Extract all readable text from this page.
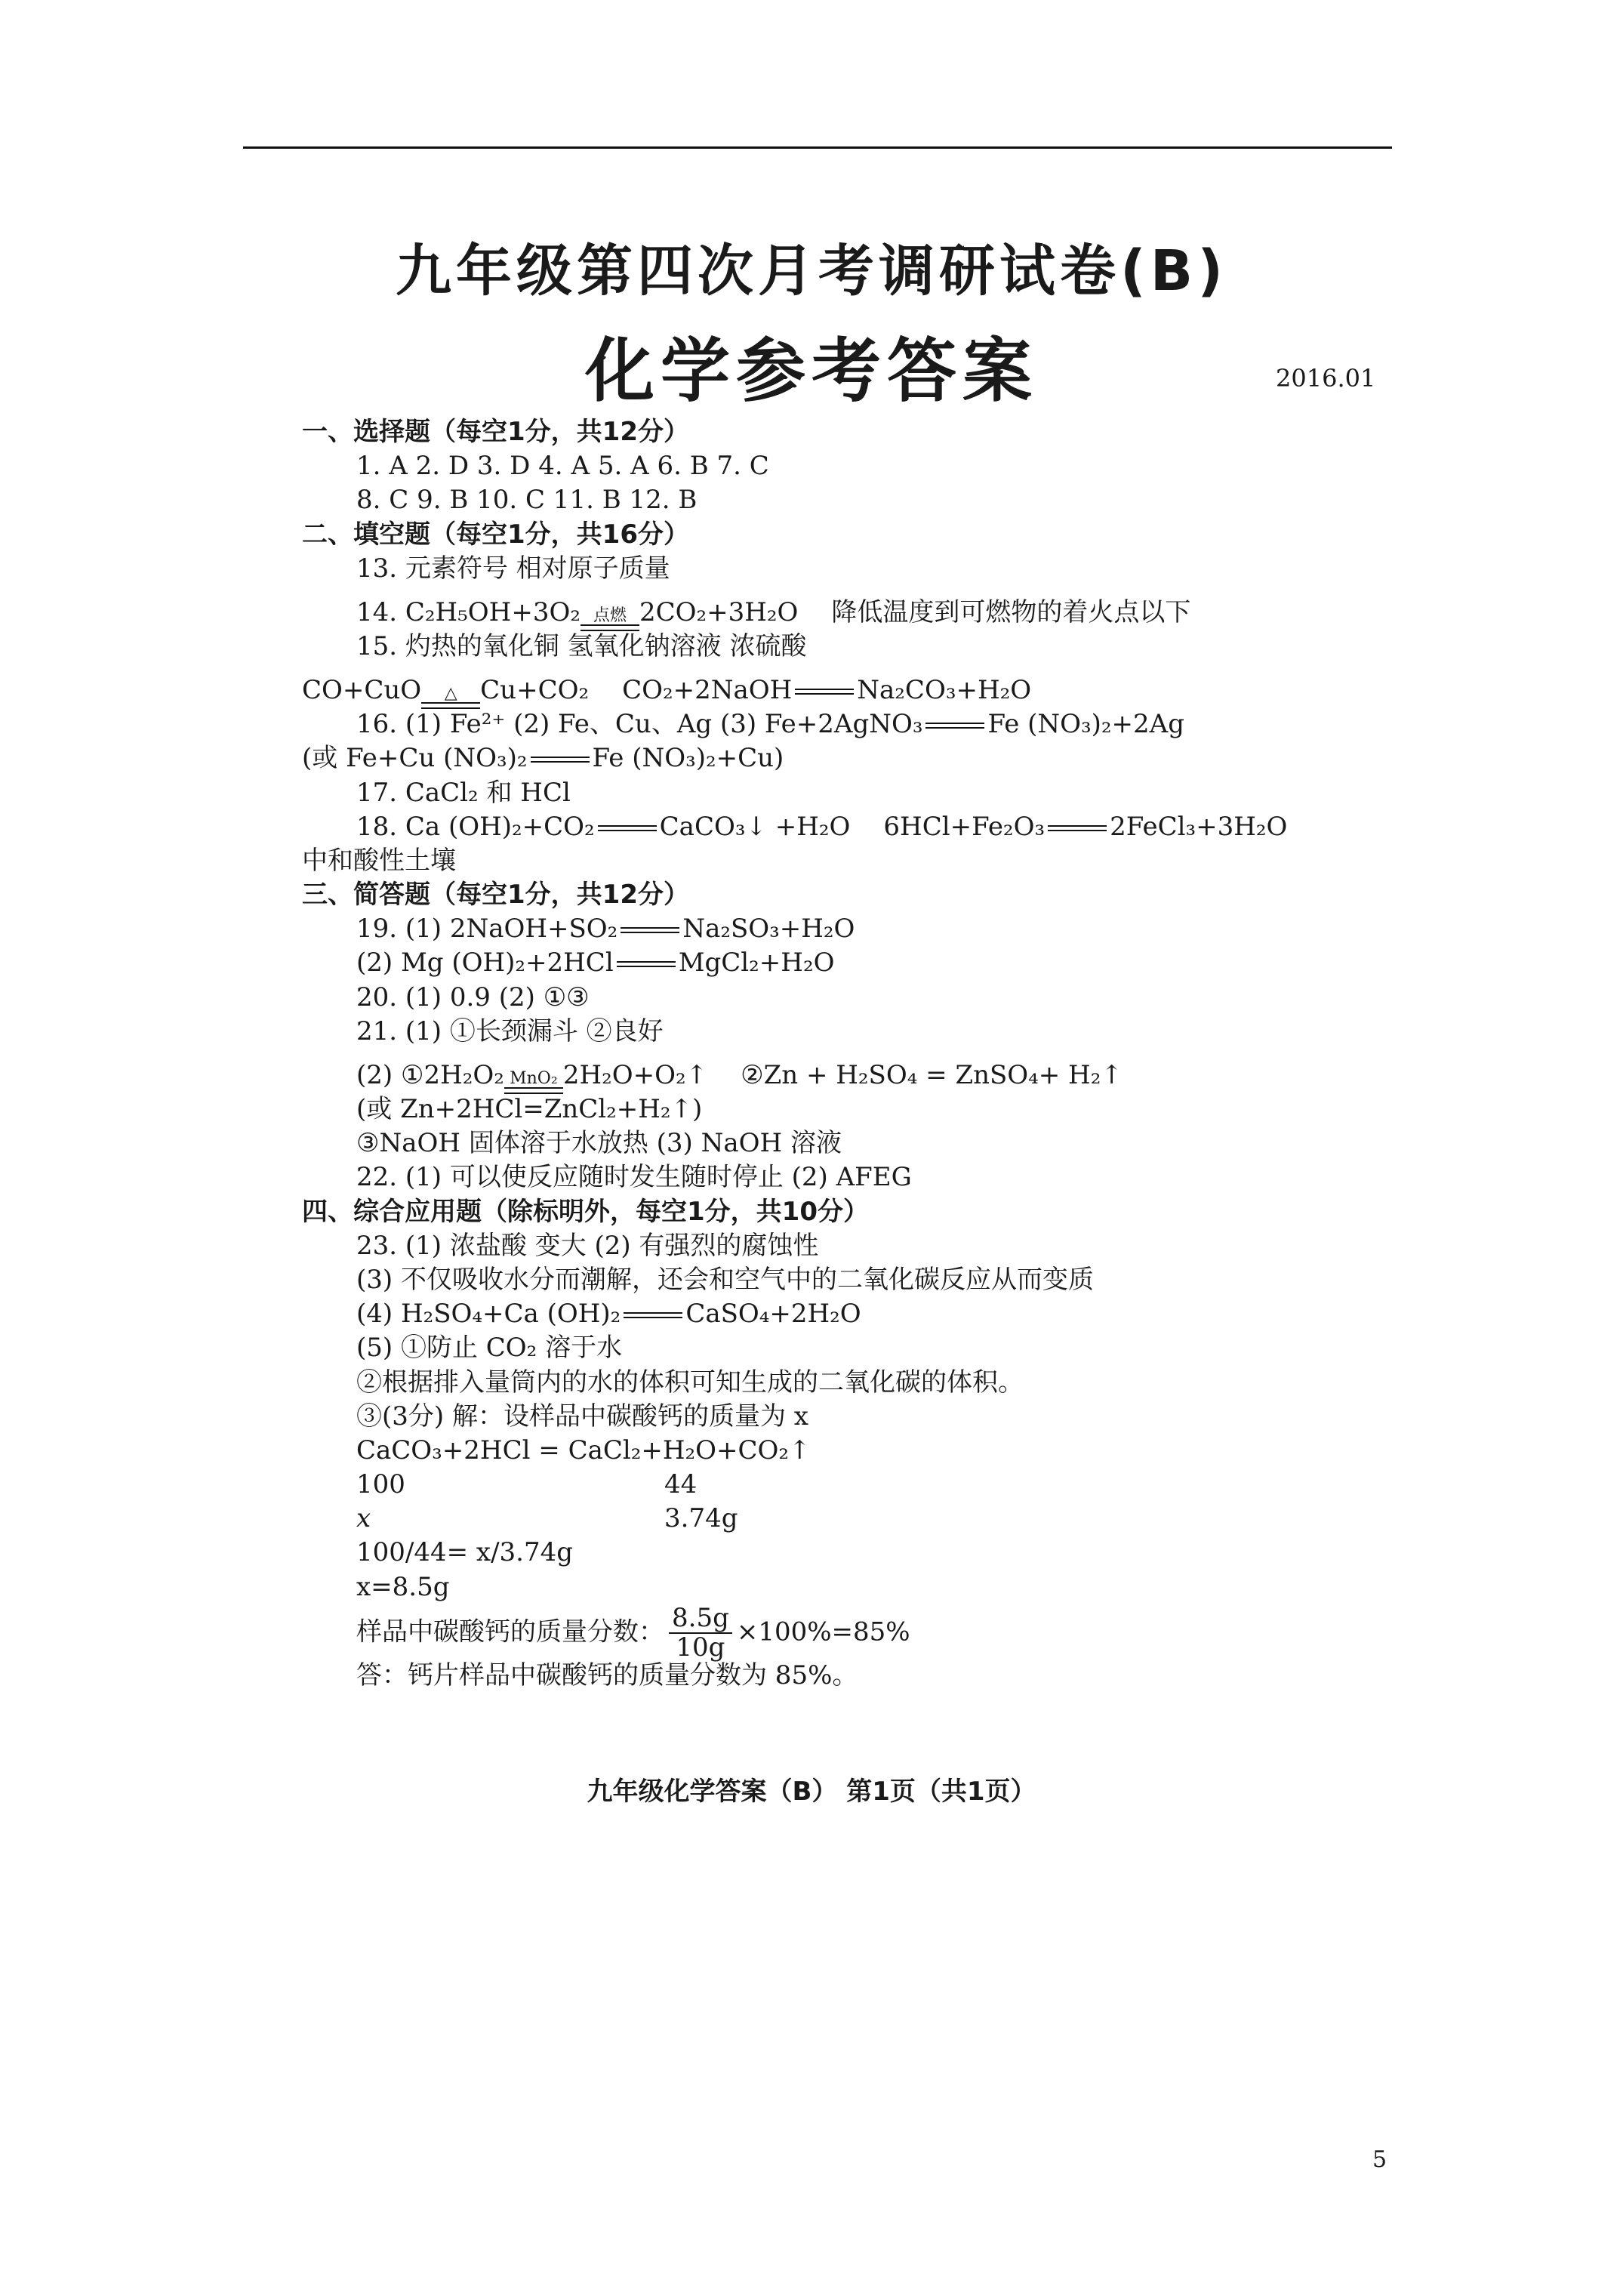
九年级第四次月考调研试卷(B)
化学参考答案	2016.01
一、选择题（每空1分，共12分）
1. A 2. D 3. D 4. A 5. A 6. B 7. C
8. C 9. B 10. C 11. B 12. B
二、填空题（每空1分，共16分）
13. 元素符号 相对原子质量
14. C₂H₅OH+3O₂ 点燃 2CO₂+3H₂O 降低温度到可燃物的着火点以下
15. 灼热的氧化铜 氢氧化钠溶液 浓硫酸
CO+CuO	△ Cu+CO₂ CO₂+2NaOH	Na₂CO₃+H₂O
16. (1) Fe²⁺ (2) Fe、Cu、Ag (3) Fe+2AgNO₃	Fe (NO₃)₂+2Ag
(或 Fe+Cu (NO₃)₂	Fe (NO₃)₂+Cu)
17. CaCl₂ 和 HCl
18. Ca (OH)₂+CO₂	CaCO₃↓ +H₂O 6HCl+Fe₂O₃	2FeCl₃+3H₂O
中和酸性土壤
三、简答题（每空1分，共12分）
19. (1) 2NaOH+SO₂	Na₂SO₃+H₂O
(2) Mg (OH)₂+2HCl	MgCl₂+H₂O
20. (1) 0.9 (2) ①③
21. (1) ①长颈漏斗 ②良好
(2) ①2H₂O₂ MnO₂ 2H₂O+O₂↑ ②Zn + H₂SO₄ = ZnSO₄+ H₂↑
(或 Zn+2HCl=ZnCl₂+H₂↑)
③NaOH 固体溶于水放热 (3) NaOH 溶液
22. (1) 可以使反应随时发生随时停止 (2) AFEG
四、综合应用题（除标明外，每空1分，共10分）
23. (1) 浓盐酸 变大 (2) 有强烈的腐蚀性
(3) 不仅吸收水分而潮解，还会和空气中的二氧化碳反应从而变质
(4) H₂SO₄+Ca (OH)₂	CaSO₄+2H₂O
(5) ①防止 CO₂ 溶于水
②根据排入量筒内的水的体积可知生成的二氧化碳的体积。
③(3分) 解：设样品中碳酸钙的质量为 x
CaCO₃+2HCl = CaCl₂+H₂O+CO₂↑
100	44
x	3.74g
100/44= x/3.74g
x=8.5g
样品中碳酸钙的质量分数： $\frac{8.5g}{10g} \times 100\%=85\%$
答：钙片样品中碳酸钙的质量分数为 85%。
九年级化学答案（B） 第1页（共1页）
5
